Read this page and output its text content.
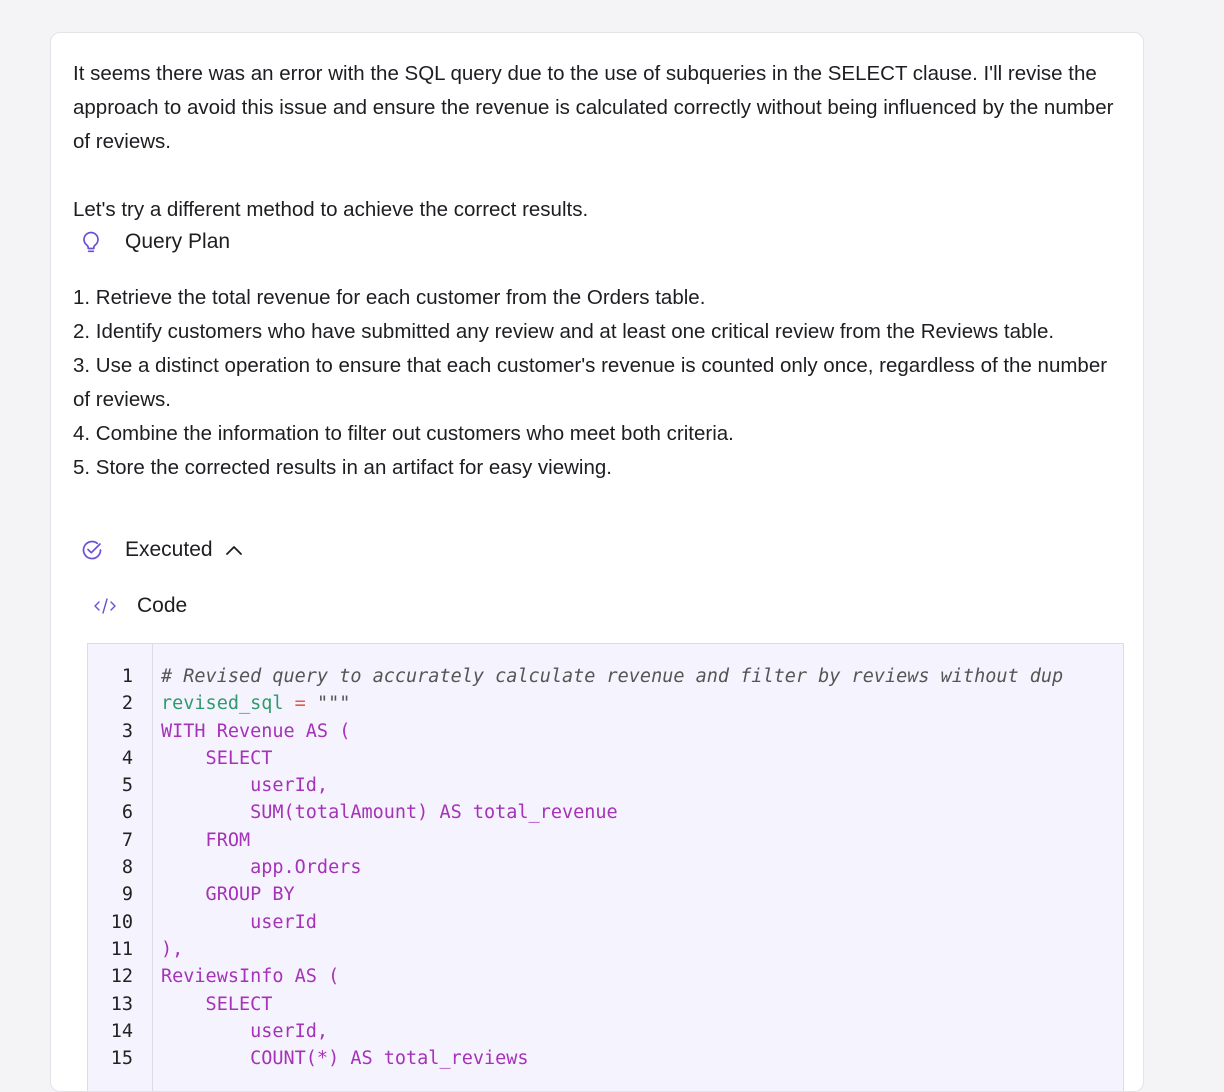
It seems there was an error with the SQL query due to the use of subqueries in the SELECT clause. I'll revise the approach to avoid this issue and ensure the revenue is calculated correctly without being influenced by the number of reviews.

Let's try a different method to achieve the correct results.

Query Plan

1. Retrieve the total revenue for each customer from the Orders table.

2. Identify customers who have submitted any review and at least one critical review from the Reviews table.

3. Use a distinct operation to ensure that each customer's revenue is counted only once, regardless of the number of reviews.

4. Combine the information to filter out customers who meet both criteria.

5. Store the corrected results in an artifact for easy viewing.

Executed
Code
1 # Revised query to accurately calculate revenue and filter by reviews without dup
2 revised_sql = """
3 WITH Revenue AS (
4 SELECT
5 userId,
6 SUM(totalAmount) AS total_revenue
7 FROM
8 app.Orders
9 GROUP BY
10 userId
11 ),
12 ReviewsInfo AS (
13 SELECT
14 userId,
15 COUNT(*) AS total_reviews
